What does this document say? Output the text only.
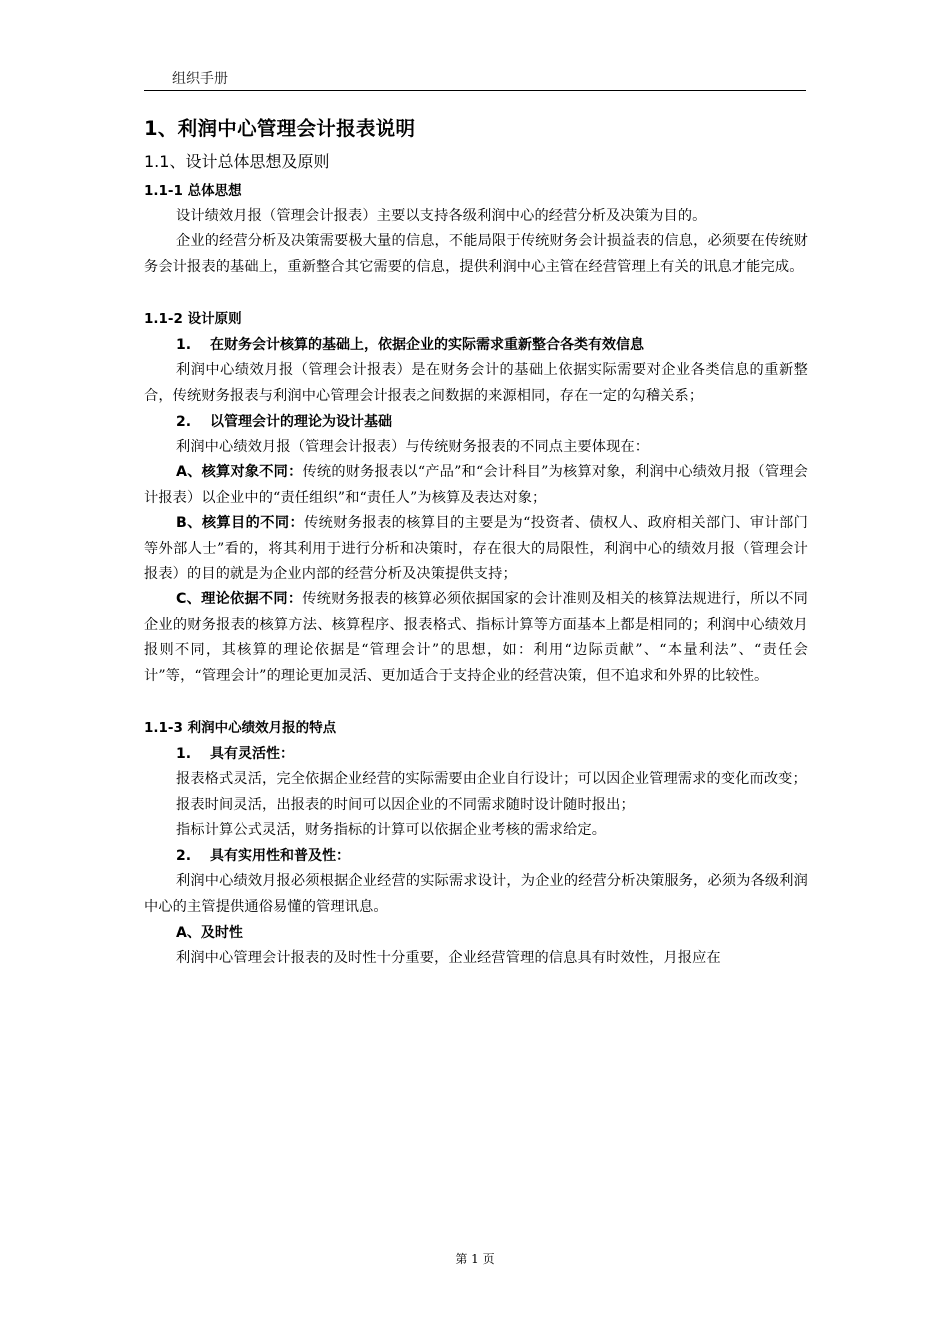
组织手册
1、利润中心管理会计报表说明
1.1、设计总体思想及原则
1.1-1 总体思想

设计绩效月报（管理会计报表）主要以支持各级利润中心的经营分析及决策为目的。

企业的经营分析及决策需要极大量的信息，不能局限于传统财务会计损益表的信息，必须要在传统财务会计报表的基础上，重新整合其它需要的信息，提供利润中心主管在经营管理上有关的讯息才能完成。

1.1-2 设计原则
1. 在财务会计核算的基础上，依据企业的实际需求重新整合各类有效信息

利润中心绩效月报（管理会计报表）是在财务会计的基础上依据实际需要对企业各类信息的重新整合，传统财务报表与利润中心管理会计报表之间数据的来源相同，存在一定的勾稽关系；

2. 以管理会计的理论为设计基础

利润中心绩效月报（管理会计报表）与传统财务报表的不同点主要体现在：

A、核算对象不同：传统的财务报表以“产品”和“会计科目”为核算对象，利润中心绩效月报（管理会计报表）以企业中的“责任组织”和“责任人”为核算及表达对象；

B、核算目的不同：传统财务报表的核算目的主要是为“投资者、债权人、政府相关部门、审计部门等外部人士”看的，将其利用于进行分析和决策时，存在很大的局限性，利润中心的绩效月报（管理会计报表）的目的就是为企业内部的经营分析及决策提供支持；

C、理论依据不同：传统财务报表的核算必须依据国家的会计准则及相关的核算法规进行，所以不同企业的财务报表的核算方法、核算程序、报表格式、指标计算等方面基本上都是相同的；利润中心绩效月报则不同，其核算的理论依据是“管理会计”的思想，如：利用“边际贡献”、“本量利法”、“责任会计”等，“管理会计”的理论更加灵活、更加适合于支持企业的经营决策，但不追求和外界的比较性。

1.1-3 利润中心绩效月报的特点
1. 具有灵活性：

报表格式灵活，完全依据企业经营的实际需要由企业自行设计；可以因企业管理需求的变化而改变；

报表时间灵活，出报表的时间可以因企业的不同需求随时设计随时报出；

指标计算公式灵活，财务指标的计算可以依据企业考核的需求给定。

2. 具有实用性和普及性：

利润中心绩效月报必须根据企业经营的实际需求设计，为企业的经营分析决策服务，必须为各级利润中心的主管提供通俗易懂的管理讯息。

A、及时性

利润中心管理会计报表的及时性十分重要，企业经营管理的信息具有时效性，月报应在

第 1 页
